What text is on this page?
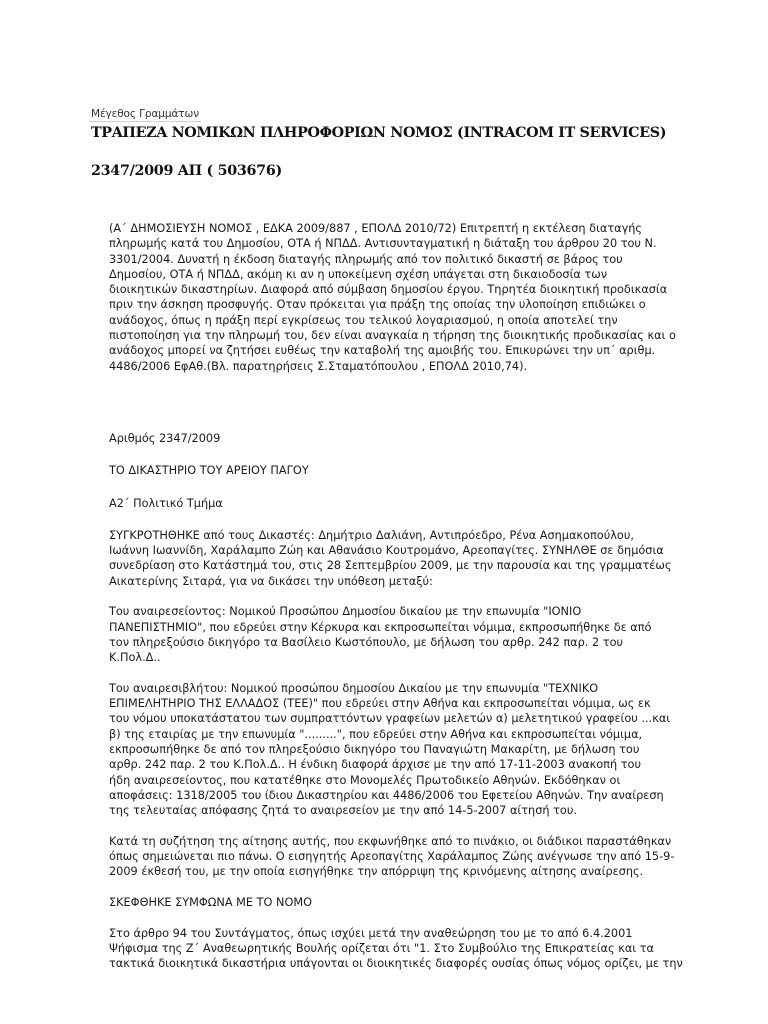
Μέγεθος Γραμμάτων
ΤΡΑΠΕΖΑ ΝΟΜΙΚΩΝ ΠΛΗΡΟΦΟΡΙΩΝ ΝΟΜΟΣ (INTRACOM IT SERVICES)
2347/2009 ΑΠ ( 503676)
(Α΄ ΔΗΜΟΣΙΕΥΣΗ ΝΟΜΟΣ , ΕΔΚΑ 2009/887 , ΕΠΟΛΔ 2010/72) Επιτρεπτή η εκτέλεση διαταγής
πληρωμής κατά του Δημοσίου, ΟΤΑ ή ΝΠΔΔ. Αντισυνταγματική η διάταξη του άρθρου 20 του Ν.
3301/2004. Δυνατή η έκδοση διαταγής πληρωμής από τον πολιτικό δικαστή σε βάρος του
Δημοσίου, ΟΤΑ ή ΝΠΔΔ, ακόμη κι αν η υποκείμενη σχέση υπάγεται στη δικαιοδοσία των
διοικητικών δικαστηρίων. Διαφορά από σύμβαση δημοσίου έργου. Τηρητέα διοικητική προδικασία
πριν την άσκηση προσφυγής. Οταν πρόκειται για πράξη της οποίας την υλοποίηση επιδιώκει ο
ανάδοχος, όπως η πράξη περί εγκρίσεως του τελικού λογαριασμού, η οποία αποτελεί την
πιστοποίηση για την πληρωμή του, δεν είναι αναγκαία η τήρηση της διοικητικής προδικασίας και ο
ανάδοχος μπορεί να ζητήσει ευθέως την καταβολή της αμοιβής του. Επικυρώνει την υπ΄ αριθμ.
4486/2006 ΕφΑθ.(Βλ. παρατηρήσεις Σ.Σταματόπουλου , ΕΠΟΛΔ 2010,74).

Αριθμός 2347/2009

ΤΟ ΔΙΚΑΣΤΗΡΙΟ ΤΟΥ ΑΡΕΙΟΥ ΠΑΓΟΥ

Α2΄ Πολιτικό Τμήμα

ΣΥΓΚΡΟΤΗΘΗΚΕ από τους Δικαστές: Δημήτριο Δαλιάνη, Αντιπρόεδρο, Ρένα Ασημακοπούλου,
Ιωάννη Ιωαννίδη, Χαράλαμπο Ζώη και Αθανάσιο Κουτρομάνο, Αρεοπαγίτες. ΣΥΝΗΛΘΕ σε δημόσια
συνεδρίαση στο Κατάστημά του, στις 28 Σεπτεμβρίου 2009, με την παρουσία και της γραμματέως
Αικατερίνης Σιταρά, για να δικάσει την υπόθεση μεταξύ:

Του αναιρεσείοντος: Νομικού Προσώπου Δημοσίου δικαίου με την επωνυμία "ΙΟΝΙΟ
ΠΑΝΕΠΙΣΤΗΜΙΟ", που εδρεύει στην Κέρκυρα και εκπροσωπείται νόμιμα, εκπροσωπήθηκε δε από
τον πληρεξούσιο δικηγόρο τα Βασίλειο Κωστόπουλο, με δήλωση του αρθρ. 242 παρ. 2 του
Κ.Πολ.Δ..

Του αναιρεσιβλήτου: Νομικού προσώπου δημοσίου Δικαίου με την επωνυμία "ΤΕΧΝΙΚΟ
ΕΠΙΜΕΛΗΤΗΡΙΟ ΤΗΣ ΕΛΛΑΔΟΣ (ΤΕΕ)" που εδρεύει στην Αθήνα και εκπροσωπείται νόμιμα, ως εκ
του νόμου υποκατάστατου των συμπραττόντων γραφείων μελετών α) μελετητικού γραφείου ...και
β) της εταιρίας με την επωνυμία ".........", που εδρεύει στην Αθήνα και εκπροσωπείται νόμιμα,
εκπροσωπήθηκε δε από τον πληρεξούσιο δικηγόρο του Παναγιώτη Μακαρίτη, με δήλωση του
αρθρ. 242 παρ. 2 του Κ.Πολ.Δ.. Η ένδικη διαφορά άρχισε με την από 17-11-2003 ανακοπή του
ήδη αναιρεσείοντος, που κατατέθηκε στο Μονομελές Πρωτοδικείο Αθηνών. Εκδόθηκαν οι
αποφάσεις: 1318/2005 του ίδιου Δικαστηρίου και 4486/2006 του Εφετείου Αθηνών. Την αναίρεση
της τελευταίας απόφασης ζητά το αναιρεσείον με την από 14-5-2007 αίτησή του.

Κατά τη συζήτηση της αίτησης αυτής, που εκφωνήθηκε από το πινάκιο, οι διάδικοι παραστάθηκαν
όπως σημειώνεται πιο πάνω. Ο εισηγητής Αρεοπαγίτης Χαράλαμπος Ζώης ανέγνωσε την από 15-9-
2009 έκθεσή του, με την οποία εισηγήθηκε την απόρριψη της κρινόμενης αίτησης αναίρεσης.

ΣΚΕΦΘΗΚΕ ΣΥΜΦΩΝΑ ΜΕ ΤΟ ΝΟΜΟ

Στο άρθρο 94 του Συντάγματος, όπως ισχύει μετά την αναθεώρηση του με το από 6.4.2001
Ψήφισμα της Ζ΄ Αναθεωρητικής Βουλής ορίζεται ότι "1. Στο Συμβούλιο της Επικρατείας και τα
τακτικά διοικητικά δικαστήρια υπάγονται οι διοικητικές διαφορές ουσίας όπως νόμος ορίζει, με την
